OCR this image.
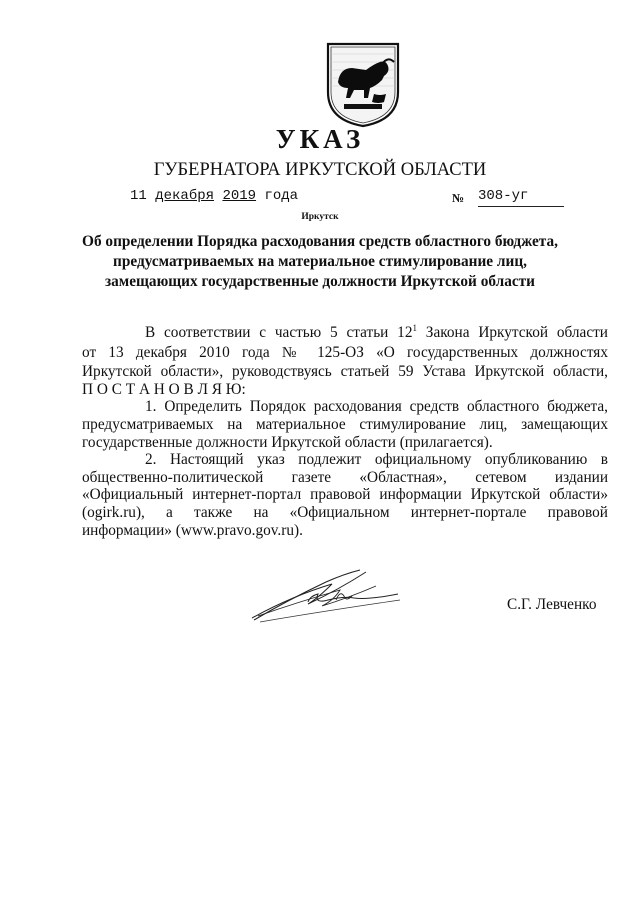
УКАЗ
ГУБЕРНАТОРА ИРКУТСКОЙ ОБЛАСТИ
11 декабря 2019 года	№ 308-уг
Иркутск
Об определении Порядка расходования средств областного бюджета,
предусматриваемых на материальное стимулирование лиц,
замещающих государственные должности Иркутской области
В соответствии с частью 5 статьи $12^1$ Закона Иркутской области
от 13 декабря 2010 года № 125-ОЗ «О государственных должностях
Иркутской области», руководствуясь статьей 59 Устава Иркутской области,
П О С Т А Н О В Л Я Ю:
1. Определить Порядок расходования средств областного бюджета,
предусматриваемых на материальное стимулирование лиц, замещающих
государственные должности Иркутской области (прилагается).
2. Настоящий указ подлежит официальному опубликованию в
общественно-политической газете «Областная», сетевом издании
«Официальный интернет-портал правовой информации Иркутской области»
(ogirk.ru), а также на «Официальном интернет-портале правовой
информации» (www.pravo.gov.ru).
С.Г. Левченко
